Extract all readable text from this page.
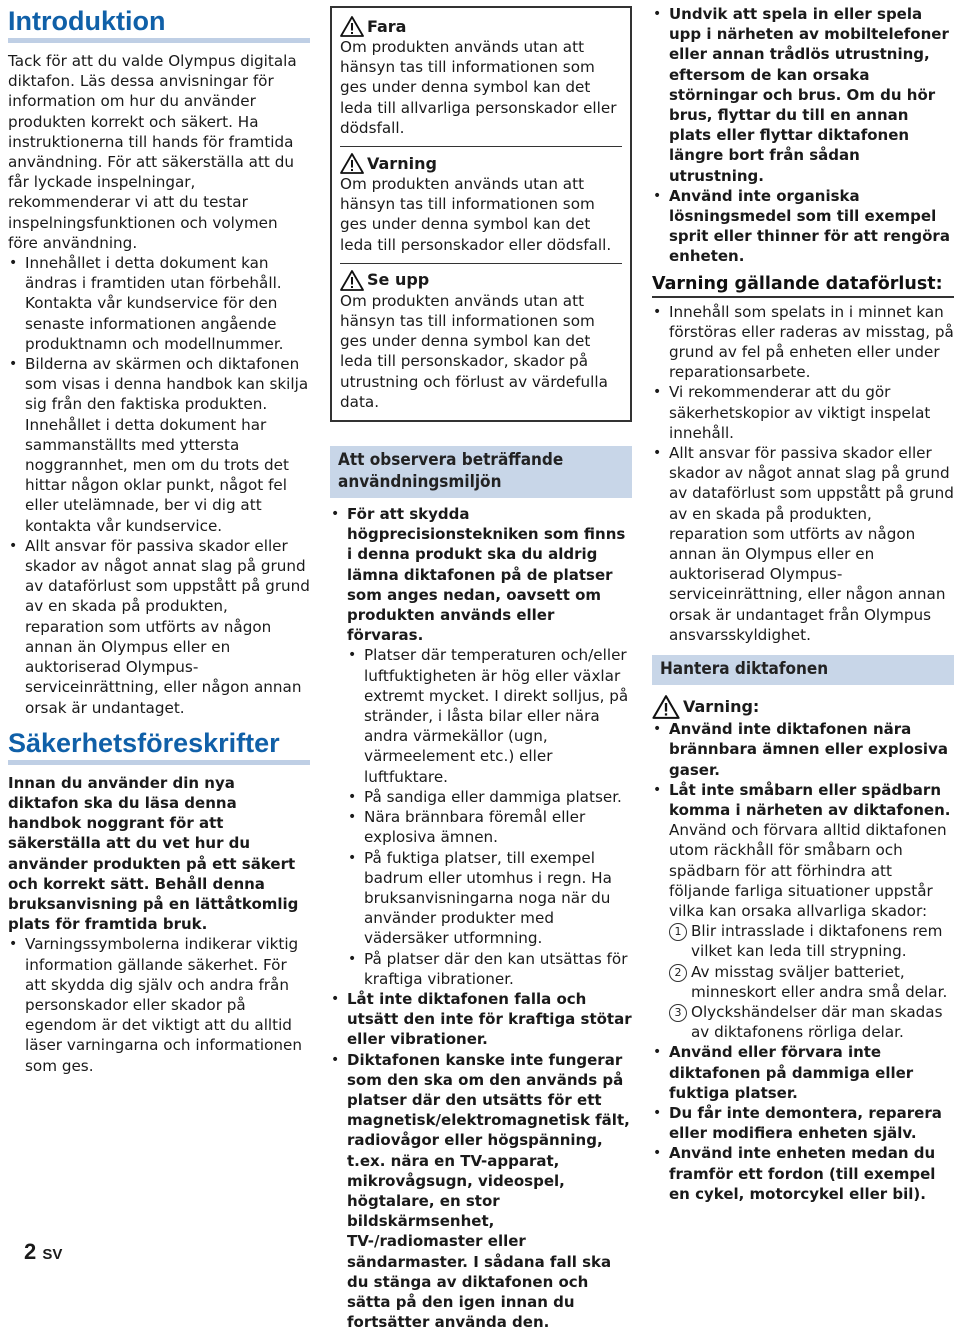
Introduktion

Tack för att du valde Olympus digitala diktafon. Läs dessa anvisningar för information om hur du använder produkten korrekt och säkert. Ha instruktionerna till hands för framtida användning. För att säkerställa att du får lyckade inspelningar, rekommenderar vi att du testar inspelningsfunktionen och volymen före användning.

• Innehållet i detta dokument kan ändras i framtiden utan förbehåll. Kontakta vår kundservice för den senaste informationen angående produktnamn och modellnummer.
• Bilderna av skärmen och diktafonen som visas i denna handbok kan skilja sig från den faktiska produkten. Innehållet i detta dokument har sammanställts med yttersta noggrannhet, men om du trots det hittar någon oklar punkt, något fel eller utelämnade, ber vi dig att kontakta vår kundservice.
• Allt ansvar för passiva skador eller skador av något annat slag på grund av dataförlust som uppstått på grund av en skada på produkten, reparation som utförts av någon annan än Olympus eller en auktoriserad Olympus-serviceinrättning, eller någon annan orsak är undantaget.
Säkerhetsföreskrifter

Innan du använder din nya diktafon ska du läsa denna handbok noggrant för att säkerställa att du vet hur du använder produkten på ett säkert och korrekt sätt. Behåll denna bruksanvisning på en lättåtkomlig plats för framtida bruk.

• Varningssymbolerna indikerar viktig information gällande säkerhet. För att skydda dig själv och andra från personskador eller skador på egendom är det viktigt att du alltid läser varningarna och informationen som ges.
Fara

Om produkten används utan att hänsyn tas till informationen som ges under denna symbol kan det leda till allvarliga personskador eller dödsfall.

Varning

Om produkten används utan att hänsyn tas till informationen som ges under denna symbol kan det leda till personskador eller dödsfall.

Se upp

Om produkten används utan att hänsyn tas till informationen som ges under denna symbol kan det leda till personskador, skador på utrustning och förlust av värdefulla data.

Att observera beträffande
användningsmiljön
• För att skydda högprecisionstekniken som finns i denna produkt ska du aldrig lämna diktafonen på de platser som anges nedan, oavsett om produkten används eller förvaras.
• Platser där temperaturen och/eller luftfuktigheten är hög eller växlar extremt mycket. I direkt solljus, på stränder, i låsta bilar eller nära andra värmekällor (ugn, värmeelement etc.) eller luftfuktare.
• På sandiga eller dammiga platser.
• Nära brännbara föremål eller explosiva ämnen.
• På fuktiga platser, till exempel badrum eller utomhus i regn. Ha bruksanvisningarna noga när du använder produkter med vädersäker utformning.
• På platser där den kan utsättas för kraftiga vibrationer.
• Låt inte diktafonen falla och utsätt den inte för kraftiga stötar eller vibrationer.
• Diktafonen kanske inte fungerar som den ska om den används på platser där den utsätts för ett magnetisk/elektromagnetisk fält, radiovågor eller högspänning, t.ex. nära en TV-apparat, mikrovågsugn, videospel, högtalare, en stor bildskärmsenhet, TV-/radiomaster eller sändarmaster. I sådana fall ska du stänga av diktafonen och sätta på den igen innan du fortsätter använda den.
• Undvik att spela in eller spela upp i närheten av mobiltelefoner eller annan trådlös utrustning, eftersom de kan orsaka störningar och brus. Om du hör brus, flyttar du till en annan plats eller flyttar diktafonen längre bort från sådan utrustning.
• Använd inte organiska lösningsmedel som till exempel sprit eller thinner för att rengöra enheten.
Varning gällande dataförlust:
• Innehåll som spelats in i minnet kan förstöras eller raderas av misstag, på grund av fel på enheten eller under reparationsarbete.
• Vi rekommenderar att du gör säkerhetskopior av viktigt inspelat innehåll.
• Allt ansvar för passiva skador eller skador av något annat slag på grund av dataförlust som uppstått på grund av en skada på produkten, reparation som utförts av någon annan än Olympus eller en auktoriserad Olympus-serviceinrättning, eller någon annan orsak är undantaget från Olympus ansvarsskyldighet.
Hantera diktafonen
Varning:
• Använd inte diktafonen nära brännbara ämnen eller explosiva gaser.
• Låt inte småbarn eller spädbarn komma i närheten av diktafonen.

Använd och förvara alltid diktafonen utom räckhåll för småbarn och spädbarn för att förhindra att följande farliga situationer uppstår vilka kan orsaka allvarliga skador:

1 Blir intrasslade i diktafonens rem vilket kan leda till strypning.
2 Av misstag sväljer batteriet, minneskort eller andra små delar.
3 Olyckshändelser där man skadas av diktafonens rörliga delar.
• Använd eller förvara inte diktafonen på dammiga eller fuktiga platser.
• Du får inte demontera, reparera eller modifiera enheten själv.
• Använd inte enheten medan du framför ett fordon (till exempel en cykel, motorcykel eller bil).
2 SV
